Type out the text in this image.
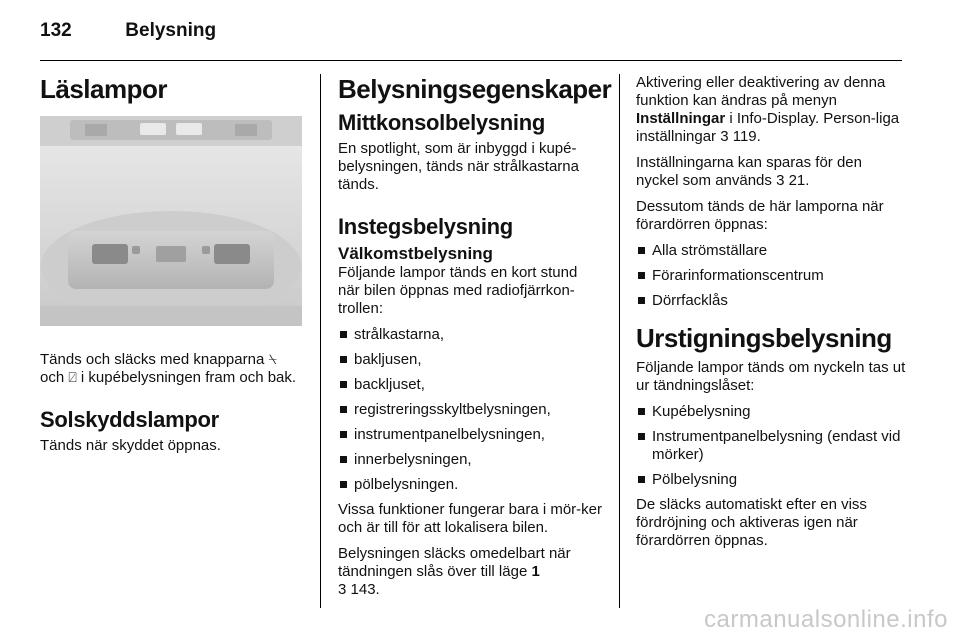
132	Belysning
Läslampor

Tänds och släcks med knapparna ⍀
och ⍁ i kupébelysningen fram och bak.

Solskyddslampor

Tänds när skyddet öppnas.

Belysningsegenskaper
Mittkonsolbelysning

En spotlight, som är inbyggd i kupé-belysningen, tänds när strålkastarna tänds.

Instegsbelysning
Välkomstbelysning

Följande lampor tänds en kort stund när bilen öppnas med radiofjärrkon-trollen:

strålkastarna,
bakljusen,
backljuset,
registreringsskyltbelysningen,
instrumentpanelbelysningen,
innerbelysningen,
pölbelysningen.

Vissa funktioner fungerar bara i mör-ker och är till för att lokalisera bilen.

Belysningen släcks omedelbart när tändningen slås över till läge 1
3 143.

Aktivering eller deaktivering av denna funktion kan ändras på menyn Inställningar i Info-Display. Person-liga inställningar 3 119.

Inställningarna kan sparas för den nyckel som används 3 21.

Dessutom tänds de här lamporna när förardörren öppnas:

Alla strömställare
Förarinformationscentrum
Dörrfacklås
Urstigningsbelysning

Följande lampor tänds om nyckeln tas ut ur tändningslåset:

Kupébelysning
Instrumentpanelbelysning (endast vid mörker)
Pölbelysning

De släcks automatiskt efter en viss fördröjning och aktiveras igen när förardörren öppnas.

carmanualsonline.info
